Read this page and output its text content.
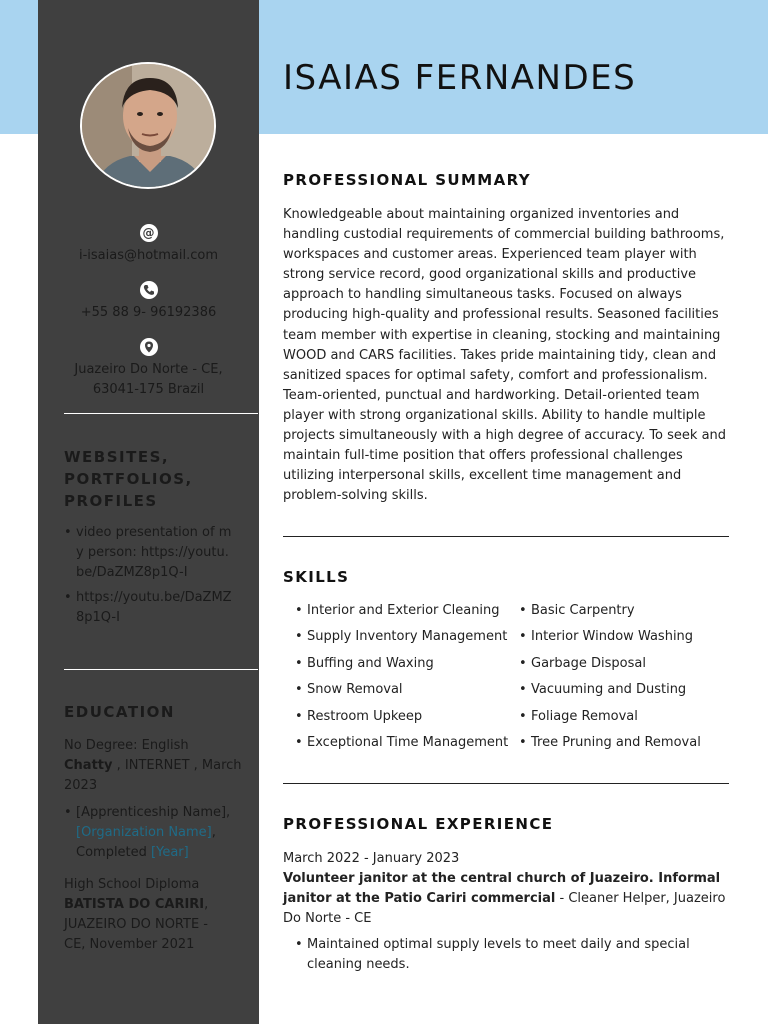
ISAIAS FERNANDES
@
i-isaias@hotmail.com
+55 88 9- 96192386
Juazeiro Do Norte - CE,
63041-175 Brazil
WEBSITES,
PORTFOLIOS,
PROFILES
• video presentation of my person: https://youtu.be/DaZMZ8p1Q-I
• https://youtu.be/DaZMZ8p1Q-I
EDUCATION
No Degree: English
Chatty , INTERNET , March 2023
• [Apprenticeship Name], [Organization Name], Completed [Year]
High School Diploma
BATISTA DO CARIRI, JUAZEIRO DO NORTE - CE, November 2021
PROFESSIONAL SUMMARY

Knowledgeable about maintaining organized inventories and handling custodial requirements of commercial building bathrooms, workspaces and customer areas. Experienced team player with strong service record, good organizational skills and productive approach to handling simultaneous tasks. Focused on always producing high-quality and professional results. Seasoned facilities team member with expertise in cleaning, stocking and maintaining WOOD and CARS facilities. Takes pride maintaining tidy, clean and sanitized spaces for optimal safety, comfort and professionalism. Team-oriented, punctual and hardworking. Detail-oriented team player with strong organizational skills. Ability to handle multiple projects simultaneously with a high degree of accuracy. To seek and maintain full-time position that offers professional challenges utilizing interpersonal skills, excellent time management and problem-solving skills.

SKILLS
• Interior and Exterior Cleaning
• Supply Inventory Management
• Buffing and Waxing
• Snow Removal
• Restroom Upkeep
• Exceptional Time Management
• Basic Carpentry
• Interior Window Washing
• Garbage Disposal
• Vacuuming and Dusting
• Foliage Removal
• Tree Pruning and Removal
PROFESSIONAL EXPERIENCE
March 2022 - January 2023
Volunteer janitor at the central church of Juazeiro. Informal janitor at the Patio Cariri commercial - Cleaner Helper, Juazeiro Do Norte - CE
• Maintained optimal supply levels to meet daily and special cleaning needs.
